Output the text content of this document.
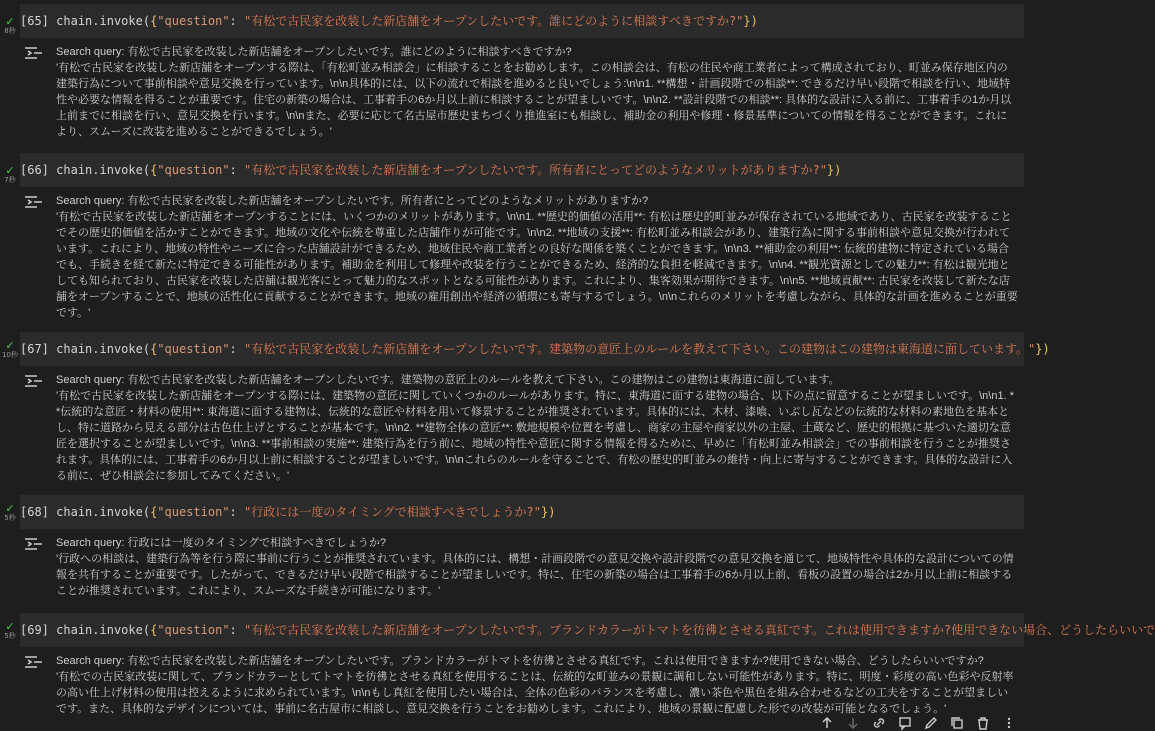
✓
8秒
[65] chain.invoke({"question": "有松で古民家を改装した新店舗をオープンしたいです。誰にどのように相談すべきですか?"})
Search query: 有松で古民家を改装した新店舗をオープンしたいです。誰にどのように相談すべきですか?
'有松で古民家を改装した新店舗をオープンする際は、「有松町並み相談会」に相談することをお勧めします。この相談会は、有松の住民や商工業者によって構成されており、町並み保存地区内の建築行為について事前相談や意見交換を行っています。\n\n具体的には、以下の流れで相談を進めると良いでしょう:\n\n1. **構想・計画段階での相談**: できるだけ早い段階で相談を行い、地域特性や必要な情報を得ることが重要です。住宅の新築の場合は、工事着手の6か月以上前に相談することが望ましいです。\n\n2. **設計段階での相談**: 具体的な設計に入る前に、工事着手の1か月以上前までに相談を行い、意見交換を行います。\n\nまた、必要に応じて名古屋市歴史まちづくり推進室にも相談し、補助金の利用や修理・修景基準についての情報を得ることができます。これにより、スムーズに改装を進めることができるでしょう。'
✓
7秒
[66] chain.invoke({"question": "有松で古民家を改装した新店舗をオープンしたいです。所有者にとってどのようなメリットがありますか?"})
Search query: 有松で古民家を改装した新店舗をオープンしたいです。所有者にとってどのようなメリットがありますか?
'有松で古民家を改装した新店舗をオープンすることには、いくつかのメリットがあります。\n\n1. **歴史的価値の活用**: 有松は歴史的町並みが保存されている地域であり、古民家を改装することでその歴史的価値を活かすことができます。地域の文化や伝統を尊重した店舗作りが可能です。\n\n2. **地域の支援**: 有松町並み相談会があり、建築行為に関する事前相談や意見交換が行われています。これにより、地域の特性やニーズに合った店舗設計ができるため、地域住民や商工業者との良好な関係を築くことができます。\n\n3. **補助金の利用**: 伝統的建物に特定されている場合でも、手続きを経て新たに特定できる可能性があります。補助金を利用して修理や改装を行うことができるため、経済的な負担を軽減できます。\n\n4. **観光資源としての魅力**: 有松は観光地としても知られており、古民家を改装した店舗は観光客にとって魅力的なスポットとなる可能性があります。これにより、集客効果が期待できます。\n\n5. **地域貢献**: 古民家を改装して新たな店舗をオープンすることで、地域の活性化に貢献することができます。地域の雇用創出や経済の循環にも寄与するでしょう。\n\nこれらのメリットを考慮しながら、具体的な計画を進めることが重要です。'
✓
10秒 [67] chain.invoke({"question": "有松で古民家を改装した新店舗をオープンしたいです。建築物の意匠上のルールを教えて下さい。この建物はこの建物は東海道に面しています。"})
Search query: 有松で古民家を改装した新店舗をオープンしたいです。建築物の意匠上のルールを教えて下さい。この建物はこの建物は東海道に面しています。
'有松で古民家を改装した新店舗をオープンする際には、建築物の意匠に関していくつかのルールがあります。特に、東海道に面する建物の場合、以下の点に留意することが望ましいです。\n\n1. **伝統的な意匠・材料の使用**: 東海道に面する建物は、伝統的な意匠や材料を用いて修景することが推奨されています。具体的には、木材、漆喰、いぶし瓦などの伝統的な材料の素地色を基本とし、特に道路から見える部分は古色仕上げとすることが基本です。\n\n2. **建物全体の意匠**: 敷地規模や位置を考慮し、商家の主屋や商家以外の主屋、土蔵など、歴史的根拠に基づいた適切な意匠を選択することが望ましいです。\n\n3. **事前相談の実施**: 建築行為を行う前に、地域の特性や意匠に関する情報を得るために、早めに「有松町並み相談会」での事前相談を行うことが推奨されます。具体的には、工事着手の6か月以上前に相談することが望ましいです。\n\nこれらのルールを守ることで、有松の歴史的町並みの維持・向上に寄与することができます。具体的な設計に入る前に、ぜひ相談会に参加してみてください。'
✓
5秒 [68] chain.invoke({"question": "行政には一度のタイミングで相談すべきでしょうか?"})
Search query: 行政には一度のタイミングで相談すべきでしょうか?
'行政への相談は、建築行為等を行う際に事前に行うことが推奨されています。具体的には、構想・計画段階での意見交換や設計段階での意見交換を通じて、地域特性や具体的な設計についての情報を共有することが重要です。したがって、できるだけ早い段階で相談することが望ましいです。特に、住宅の新築の場合は工事着手の6か月以上前、看板の設置の場合は2か月以上前に相談することが推奨されています。これにより、スムーズな手続きが可能になります。'
✓
5秒 [69] chain.invoke({"question": "有松で古民家を改装した新店舗をオープンしたいです。ブランドカラーがトマトを彷彿とさせる真紅です。これは使用できますか?使用できない場合、どうしたらいいで
Search query: 有松で古民家を改装した新店舗をオープンしたいです。ブランドカラーがトマトを彷彿とさせる真紅です。これは使用できますか?使用できない場合、どうしたらいいですか?
'有松での古民家改装に関して、ブランドカラーとしてトマトを彷彿とさせる真紅を使用することは、伝統的な町並みの景観に調和しない可能性があります。特に、明度・彩度の高い色彩や反射率の高い仕上げ材料の使用は控えるように求められています。\n\nもし真紅を使用したい場合は、全体の色彩のバランスを考慮し、濃い茶色や黒色を組み合わせるなどの工夫をすることが望ましいです。また、具体的なデザインについては、事前に名古屋市に相談し、意見交換を行うことをお勧めします。これにより、地域の景観に配慮した形での改装が可能となるでしょう。'
